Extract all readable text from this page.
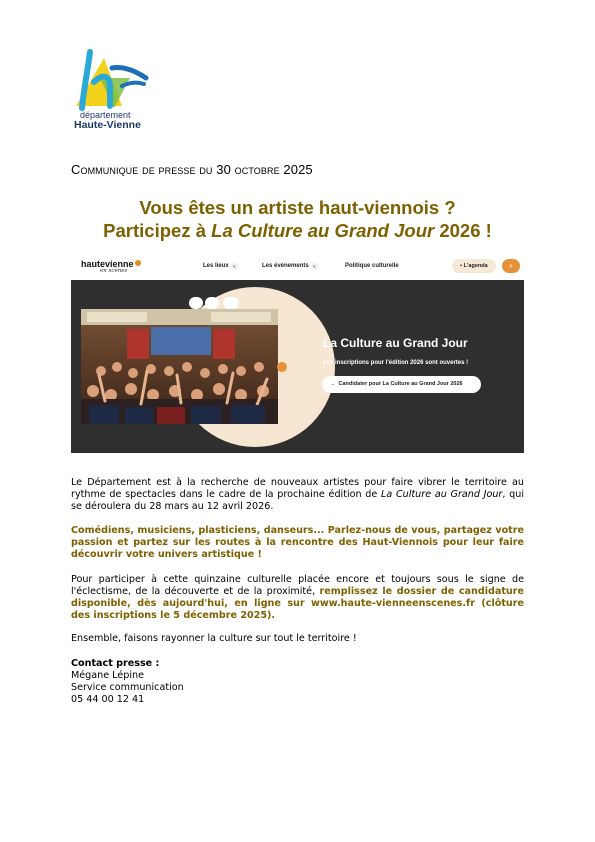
département
Haute-Vienne
Communique de presse du 30 octobre 2025
Vous êtes un artiste haut-viennois ?
Participez à La Culture au Grand Jour 2026 !
hautevienne
en scènes
Les lieux ⌄	Les événements ⌄	Politique culturelle	▪ L'agenda	⌕
La Culture au Grand Jour
Les inscriptions pour l'édition 2026 sont ouvertes !
→ Candidater pour La Culture au Grand Jour 2026
Le Département est à la recherche de nouveaux artistes pour faire vibrer le territoire au rythme de spectacles dans le cadre de la prochaine édition de La Culture au Grand Jour, qui se déroulera du 28 mars au 12 avril 2026.
Comédiens, musiciens, plasticiens, danseurs... Parlez-nous de vous, partagez votre passion et partez sur les routes à la rencontre des Haut-Viennois pour leur faire découvrir votre univers artistique !
Pour participer à cette quinzaine culturelle placée encore et toujours sous le signe de l'éclectisme, de la découverte et de la proximité, remplissez le dossier de candidature disponible, dès aujourd'hui, en ligne sur www.haute-vienneenscenes.fr (clôture des inscriptions le 5 décembre 2025).
Ensemble, faisons rayonner la culture sur tout le territoire !
Contact presse :
Mégane Lépine
Service communication
05 44 00 12 41
